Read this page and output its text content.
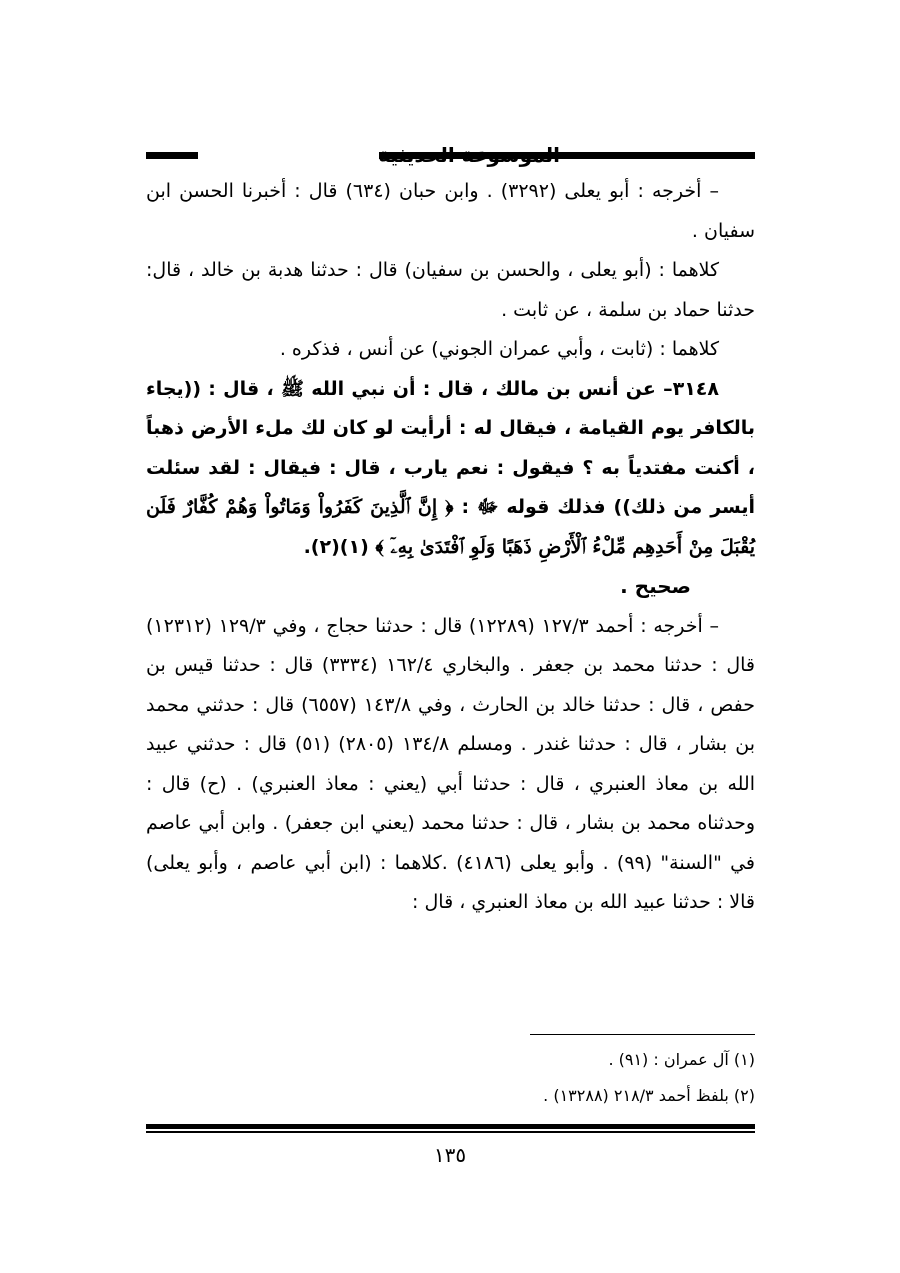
الموسوعة الحديثية

– أخرجه : أبو يعلى (٣٢٩٢) . وابن حبان (٦٣٤) قال : أخبرنا الحسن ابن سفيان .

كلاهما : (أبو يعلى ، والحسن بن سفيان) قال : حدثنا هدبة بن خالد ، قال: حدثنا حماد بن سلمة ، عن ثابت .

كلاهما : (ثابت ، وأبي عمران الجوني) عن أنس ، فذكره .

٣١٤٨– عن أنس بن مالك ، قال : أن نبي الله ﷺ ، قال : ((يجاء بالكافر يوم القيامة ، فيقال له : أرأيت لو كان لك ملء الأرض ذهباً ، أكنت مفتدياً به ؟ فيقول : نعم يارب ، قال : فيقال : لقد سئلت أيسر من ذلك)) فذلك قوله ﷻ : ﴿ إِنَّ ٱلَّذِينَ كَفَرُواْ وَمَاتُواْ وَهُمْ كُفَّارٌ فَلَن يُقْبَلَ مِنْ أَحَدِهِم مِّلْءُ ٱلْأَرْضِ ذَهَبًا وَلَوِ ٱفْتَدَىٰ بِهِۦٓ ﴾ (١)(٢).

صحيح .

– أخرجه : أحمد ١٢٧/٣ (١٢٢٨٩) قال : حدثنا حجاج ، وفي ١٢٩/٣ (١٢٣١٢) قال : حدثنا محمد بن جعفر . والبخاري ١٦٢/٤ (٣٣٣٤) قال : حدثنا قيس بن حفص ، قال : حدثنا خالد بن الحارث ، وفي ١٤٣/٨ (٦٥٥٧) قال : حدثني محمد بن بشار ، قال : حدثنا غندر . ومسلم ١٣٤/٨ (٢٨٠٥) (٥١) قال : حدثني عبيد الله بن معاذ العنبري ، قال : حدثنا أبي (يعني : معاذ العنبري) . (ح) قال : وحدثناه محمد بن بشار ، قال : حدثنا محمد (يعني ابن جعفر) . وابن أبي عاصم في "السنة" (٩٩) . وأبو يعلى (٤١٨٦) .كلاهما : (ابن أبي عاصم ، وأبو يعلى) قالا : حدثنا عبيد الله بن معاذ العنبري ، قال :

(١) آل عمران : (٩١) .

(٢) بلفظ أحمد ٢١٨/٣ (١٣٢٨٨) .

١٣٥
